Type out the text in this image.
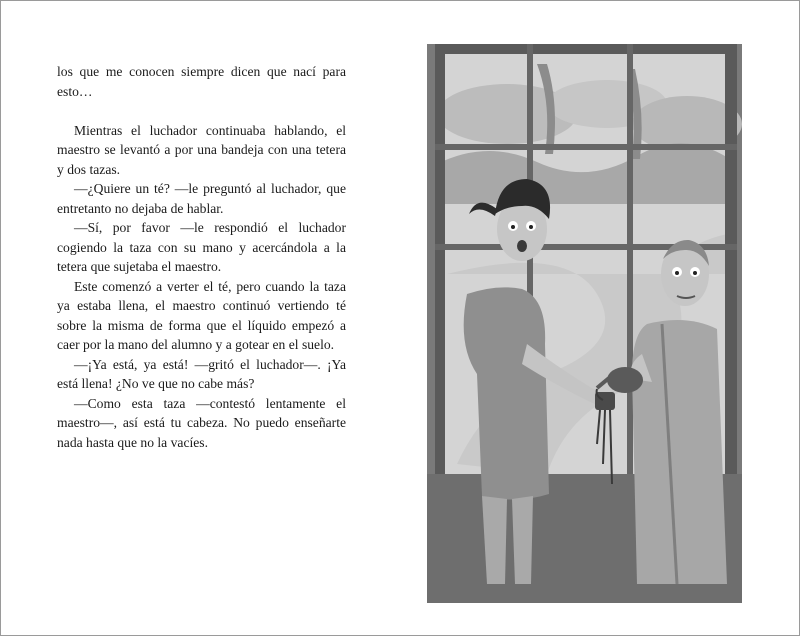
los que me conocen siempre dicen que nací para esto…

Mientras el luchador continuaba hablando, el maestro se levantó a por una bandeja con una tetera y dos tazas.

—¿Quiere un té? —le preguntó al luchador, que entretanto no dejaba de hablar.

—Sí, por favor —le respondió el luchador cogiendo la taza con su mano y acercándola a la tetera que sujetaba el maestro.

Este comenzó a verter el té, pero cuando la taza ya estaba llena, el maestro continuó vertiendo té sobre la misma de forma que el líquido empezó a caer por la mano del alumno y a gotear en el suelo.

—¡Ya está, ya está! —gritó el luchador—. ¡Ya está llena! ¿No ve que no cabe más?

—Como esta taza —contestó lentamente el maestro—, así está tu cabeza. No puedo enseñarte nada hasta que no la vacíes.
